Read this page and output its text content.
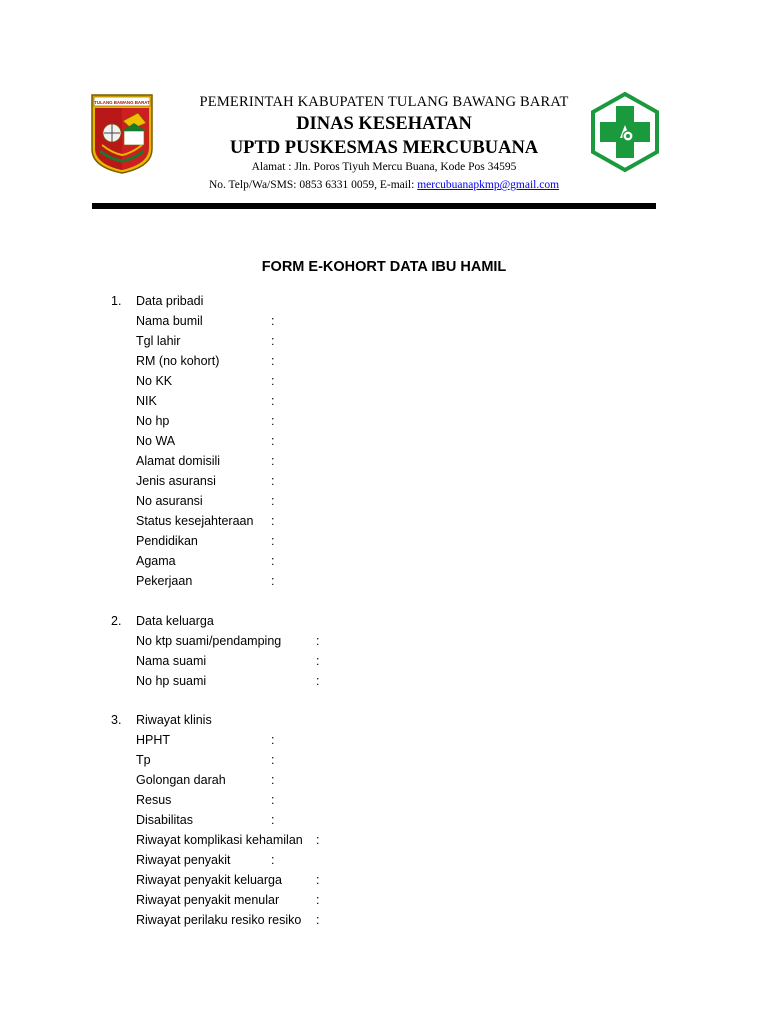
TULANG BAWANG BARAT	PEMERINTAH KABUPATEN TULANG BAWANG BARAT
DINAS KESEHATAN
UPTD PUSKESMAS MERCUBUANA
Alamat : Jln. Poros Tiyuh Mercu Buana, Kode Pos 34595
No. Telp/Wa/SMS: 0853 6331 0059, E-mail: mercubuanapkmp@gmail.com
FORM E-KOHORT DATA IBU HAMIL
1. Data pribadi
Nama bumil	:
Tgl lahir	:
RM (no kohort)	:
No KK	:
NIK	:
No hp	:
No WA	:
Alamat domisili	:
Jenis asuransi	:
No asuransi	:
Status kesejahteraan :
Pendidikan	:
Agama	:
Pekerjaan	:
2. Data keluarga
No ktp suami/pendamping	:
Nama suami	:
No hp suami	:
3. Riwayat klinis
HPHT	:
Tp	:
Golongan darah	:
Resus	:
Disabilitas	:
Riwayat komplikasi kehamilan :
Riwayat penyakit	:
Riwayat penyakit keluarga	:
Riwayat penyakit menular	:
Riwayat perilaku resiko resiko :
